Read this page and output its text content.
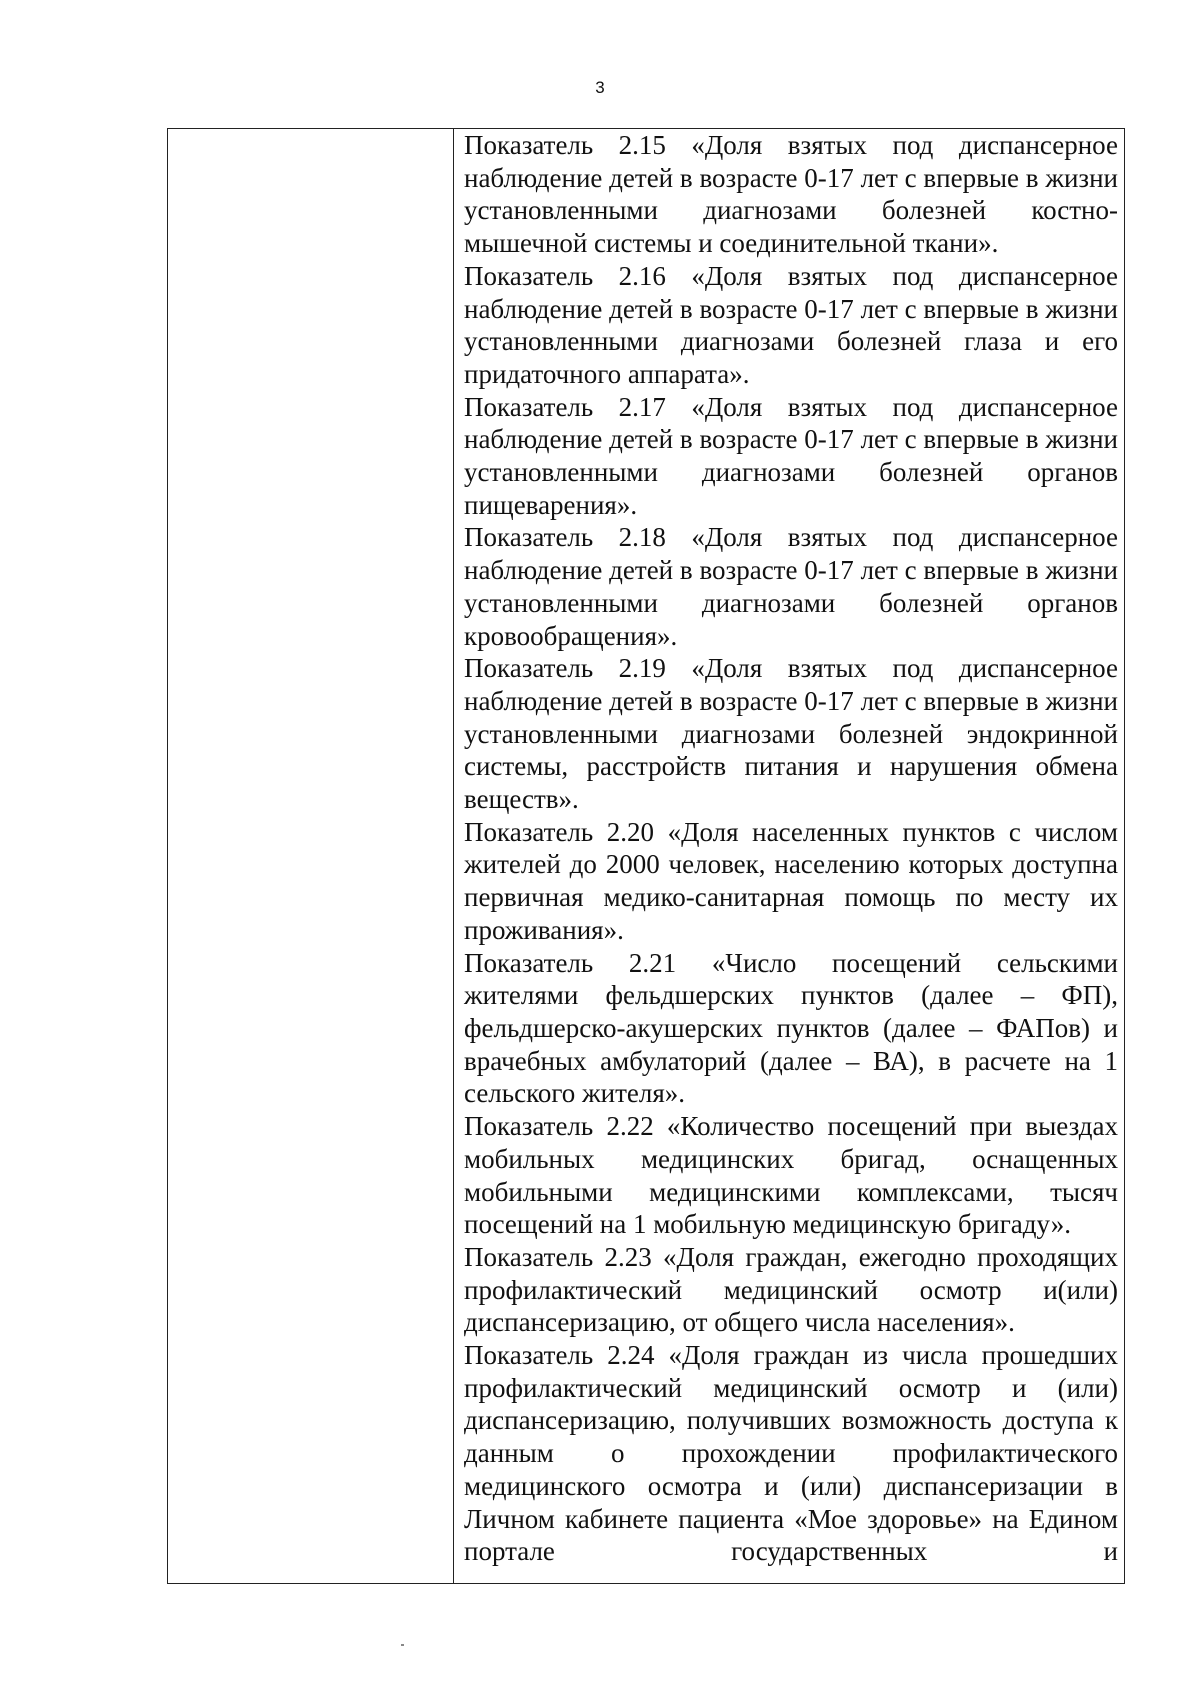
3

Показатель 2.15 «Доля взятых под диспансерное наблюдение детей в возрасте 0-17 лет с впервые в жизни установленными диагнозами болезней костно-мышечной системы и соединительной ткани».

Показатель 2.16 «Доля взятых под диспансерное наблюдение детей в возрасте 0-17 лет с впервые в жизни установленными диагнозами болезней глаза и его придаточного аппарата».

Показатель 2.17 «Доля взятых под диспансерное наблюдение детей в возрасте 0-17 лет с впервые в жизни установленными диагнозами болезней органов пищеварения».

Показатель 2.18 «Доля взятых под диспансерное наблюдение детей в возрасте 0-17 лет с впервые в жизни установленными диагнозами болезней органов кровообращения».

Показатель 2.19 «Доля взятых под диспансерное наблюдение детей в возрасте 0-17 лет с впервые в жизни установленными диагнозами болезней эндокринной системы, расстройств питания и нарушения обмена веществ».

Показатель 2.20 «Доля населенных пунктов с числом жителей до 2000 человек, населению которых доступна первичная медико-санитарная помощь по месту их проживания».

Показатель 2.21 «Число посещений сельскими жителями фельдшерских пунктов (далее – ФП), фельдшерско-акушерских пунктов (далее – ФАПов) и врачебных амбулаторий (далее – ВА), в расчете на 1 сельского жителя».

Показатель 2.22 «Количество посещений при выездах мобильных медицинских бригад, оснащенных мобильными медицинскими комплексами, тысяч посещений на 1 мобильную медицинскую бригаду».

Показатель 2.23 «Доля граждан, ежегодно проходящих профилактический медицинский осмотр и(или) диспансеризацию, от общего числа населения».

Показатель 2.24 «Доля граждан из числа прошедших профилактический медицинский осмотр и (или) диспансеризацию, получивших возможность доступа к данным о прохождении профилактического медицинского осмотра и (или) диспансеризации в Личном кабинете пациента «Мое здоровье» на Едином портале государственных и
